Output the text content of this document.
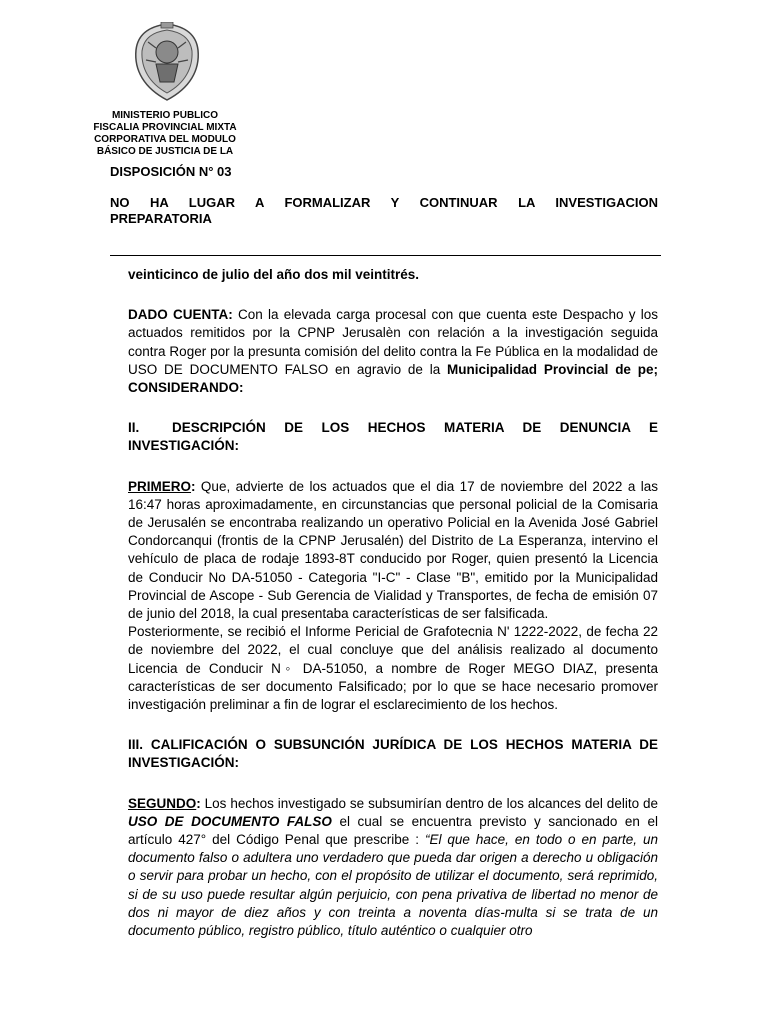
MINISTERIO PÚBLICO
FISCALIA PROVINCIAL MIXTA
CORPORATIVA DEL MODULO
BÁSICO DE JUSTICIA DE LA
DISPOSICIÓN N° 03
NO HA LUGAR A FORMALIZAR Y CONTINUAR LA INVESTIGACION PREPARATORIA

veinticinco de julio del año dos mil veintitrés.

DADO CUENTA: Con la elevada carga procesal con que cuenta este Despacho y los actuados remitidos por la CPNP Jerusalèn con relación a la investigación seguida contra Roger por la presunta comisión del delito contra la Fe Pública en la modalidad de USO DE DOCUMENTO FALSO en agravio de la Municipalidad Provincial de pe; CONSIDERANDO:

II.	DESCRIPCIÓN DE LOS HECHOS MATERIA DE DENUNCIA E INVESTIGACIÓN:

PRIMERO: Que, advierte de los actuados que el dia 17 de noviembre del 2022 a las 16:47 horas aproximadamente, en circunstancias que personal policial de la Comisaria de Jerusalén se encontraba realizando un operativo Policial en la Avenida José Gabriel Condorcanqui (frontis de la CPNP Jerusalén) del Distrito de La Esperanza, intervino el vehículo de placa de rodaje 1893-8T conducido por Roger, quien presentó la Licencia de Conducir No DA-51050 - Categoria "I-C" - Clase "B", emitido por la Municipalidad Provincial de Ascope - Sub Gerencia de Vialidad y Transportes, de fecha de emisión 07 de junio del 2018, la cual presentaba características de ser falsificada.

Posteriormente, se recibió el Informe Pericial de Grafotecnia N' 1222-2022, de fecha 22 de noviembre del 2022, el cual concluye que del análisis realizado al documento Licencia de Conducir N◦ DA-51050, a nombre de Roger MEGO DIAZ, presenta características de ser documento Falsificado; por lo que se hace necesario promover investigación preliminar a fin de lograr el esclarecimiento de los hechos.

III. CALIFICACIÓN O SUBSUNCIÓN JURÍDICA DE LOS HECHOS MATERIA DE INVESTIGACIÓN:

SEGUNDO: Los hechos investigado se subsumirían dentro de los alcances del delito de USO DE DOCUMENTO FALSO el cual se encuentra previsto y sancionado en el artículo 427° del Código Penal que prescribe : “El que hace, en todo o en parte, un documento falso o adultera uno verdadero que pueda dar origen a derecho u obligación o servir para probar un hecho, con el propósito de utilizar el documento, será reprimido, si de su uso puede resultar algún perjuicio, con pena privativa de libertad no menor de dos ni mayor de diez años y con treinta a noventa días-multa si se trata de un documento público, registro público, título auténtico o cualquier otro
